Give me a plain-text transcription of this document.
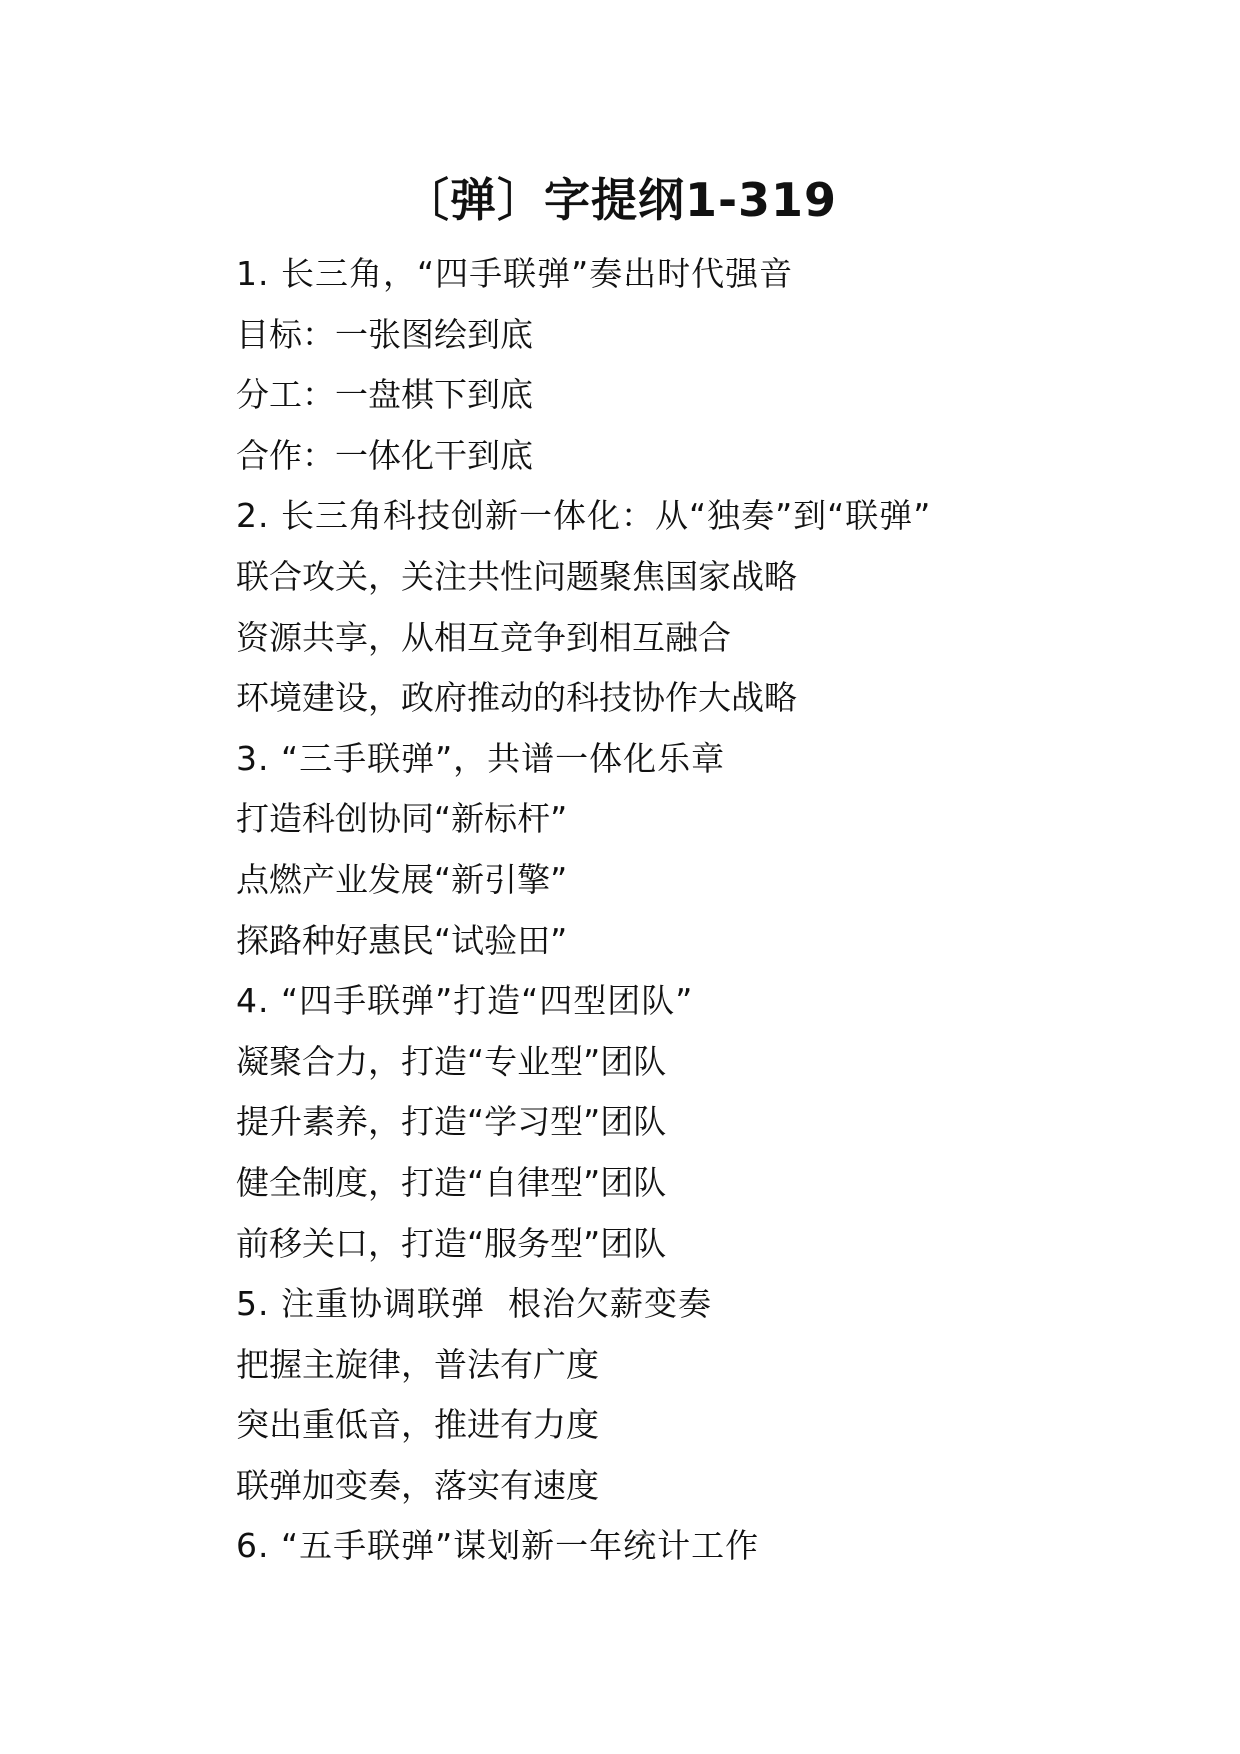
〔弹〕字提纲1-319
1. 长三角，“四手联弹”奏出时代强音
目标：一张图绘到底
分工：一盘棋下到底
合作：一体化干到底
2. 长三角科技创新一体化：从“独奏”到“联弹”
联合攻关，关注共性问题聚焦国家战略
资源共享，从相互竞争到相互融合
环境建设，政府推动的科技协作大战略
3. “三手联弹”，共谱一体化乐章
打造科创协同“新标杆”
点燃产业发展“新引擎”
探路种好惠民“试验田”
4. “四手联弹”打造“四型团队”
凝聚合力，打造“专业型”团队
提升素养，打造“学习型”团队
健全制度，打造“自律型”团队
前移关口，打造“服务型”团队
5. 注重协调联弹  根治欠薪变奏
把握主旋律，普法有广度
突出重低音，推进有力度
联弹加变奏，落实有速度
6. “五手联弹”谋划新一年统计工作
